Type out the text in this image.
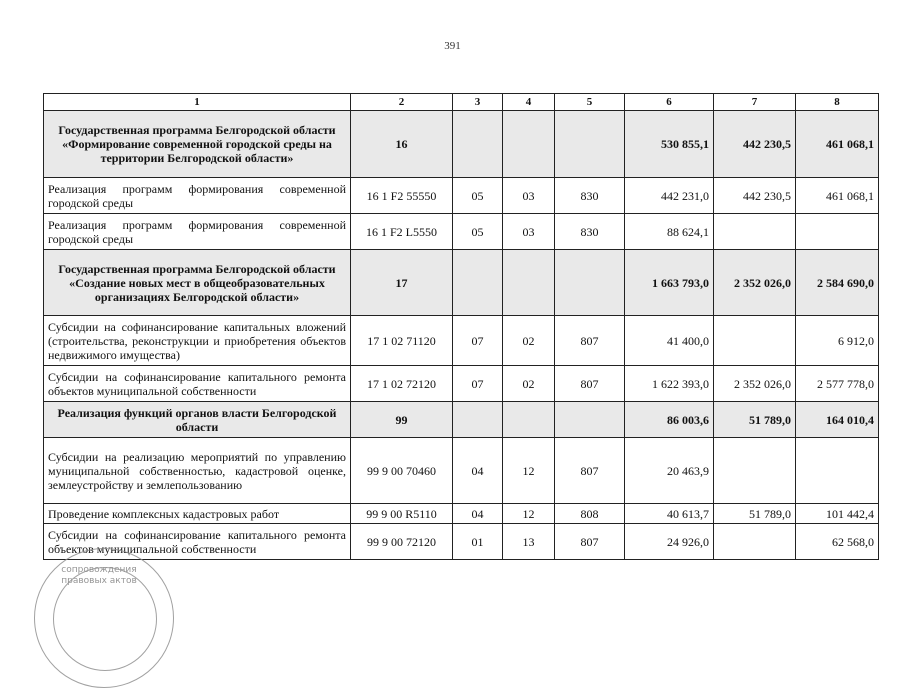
391
1	2	3	4	5	6	7	8
Государственная программа Белгородской области «Формирование современной городской среды на территории Белгородской области»	16				530 855,1	442 230,5	461 068,1
Реализация программ формирования современной городской среды	16 1 F2 55550	05	03	830	442 231,0	442 230,5	461 068,1
Реализация программ формирования современной городской среды	16 1 F2 L5550	05	03	830	88 624,1		
Государственная программа Белгородской области «Создание новых мест в общеобразовательных организациях Белгородской области»	17				1 663 793,0	2 352 026,0	2 584 690,0
Субсидии на софинансирование капитальных вложений (строительства, реконструкции и приобретения объектов недвижимого имущества)	17 1 02 71120	07	02	807	41 400,0		6 912,0
Субсидии на софинансирование капитального ремонта объектов муниципальной собственности	17 1 02 72120	07	02	807	1 622 393,0	2 352 026,0	2 577 778,0
Реализация функций органов власти Белгородской области	99				86 003,6	51 789,0	164 010,4
Субсидии на реализацию мероприятий по управлению муниципальной собственностью, кадастровой оценке, землеустройству и землепользованию	99 9 00 70460	04	12	807	20 463,9		
Проведение комплексных кадастровых работ	99 9 00 R5110	04	12	808	40 613,7	51 789,0	101 442,4
Субсидии на софинансирование капитального ремонта объектов муниципальной собственности	99 9 00 72120	01	13	807	24 926,0		62 568,0
сопровождения правовых актов
